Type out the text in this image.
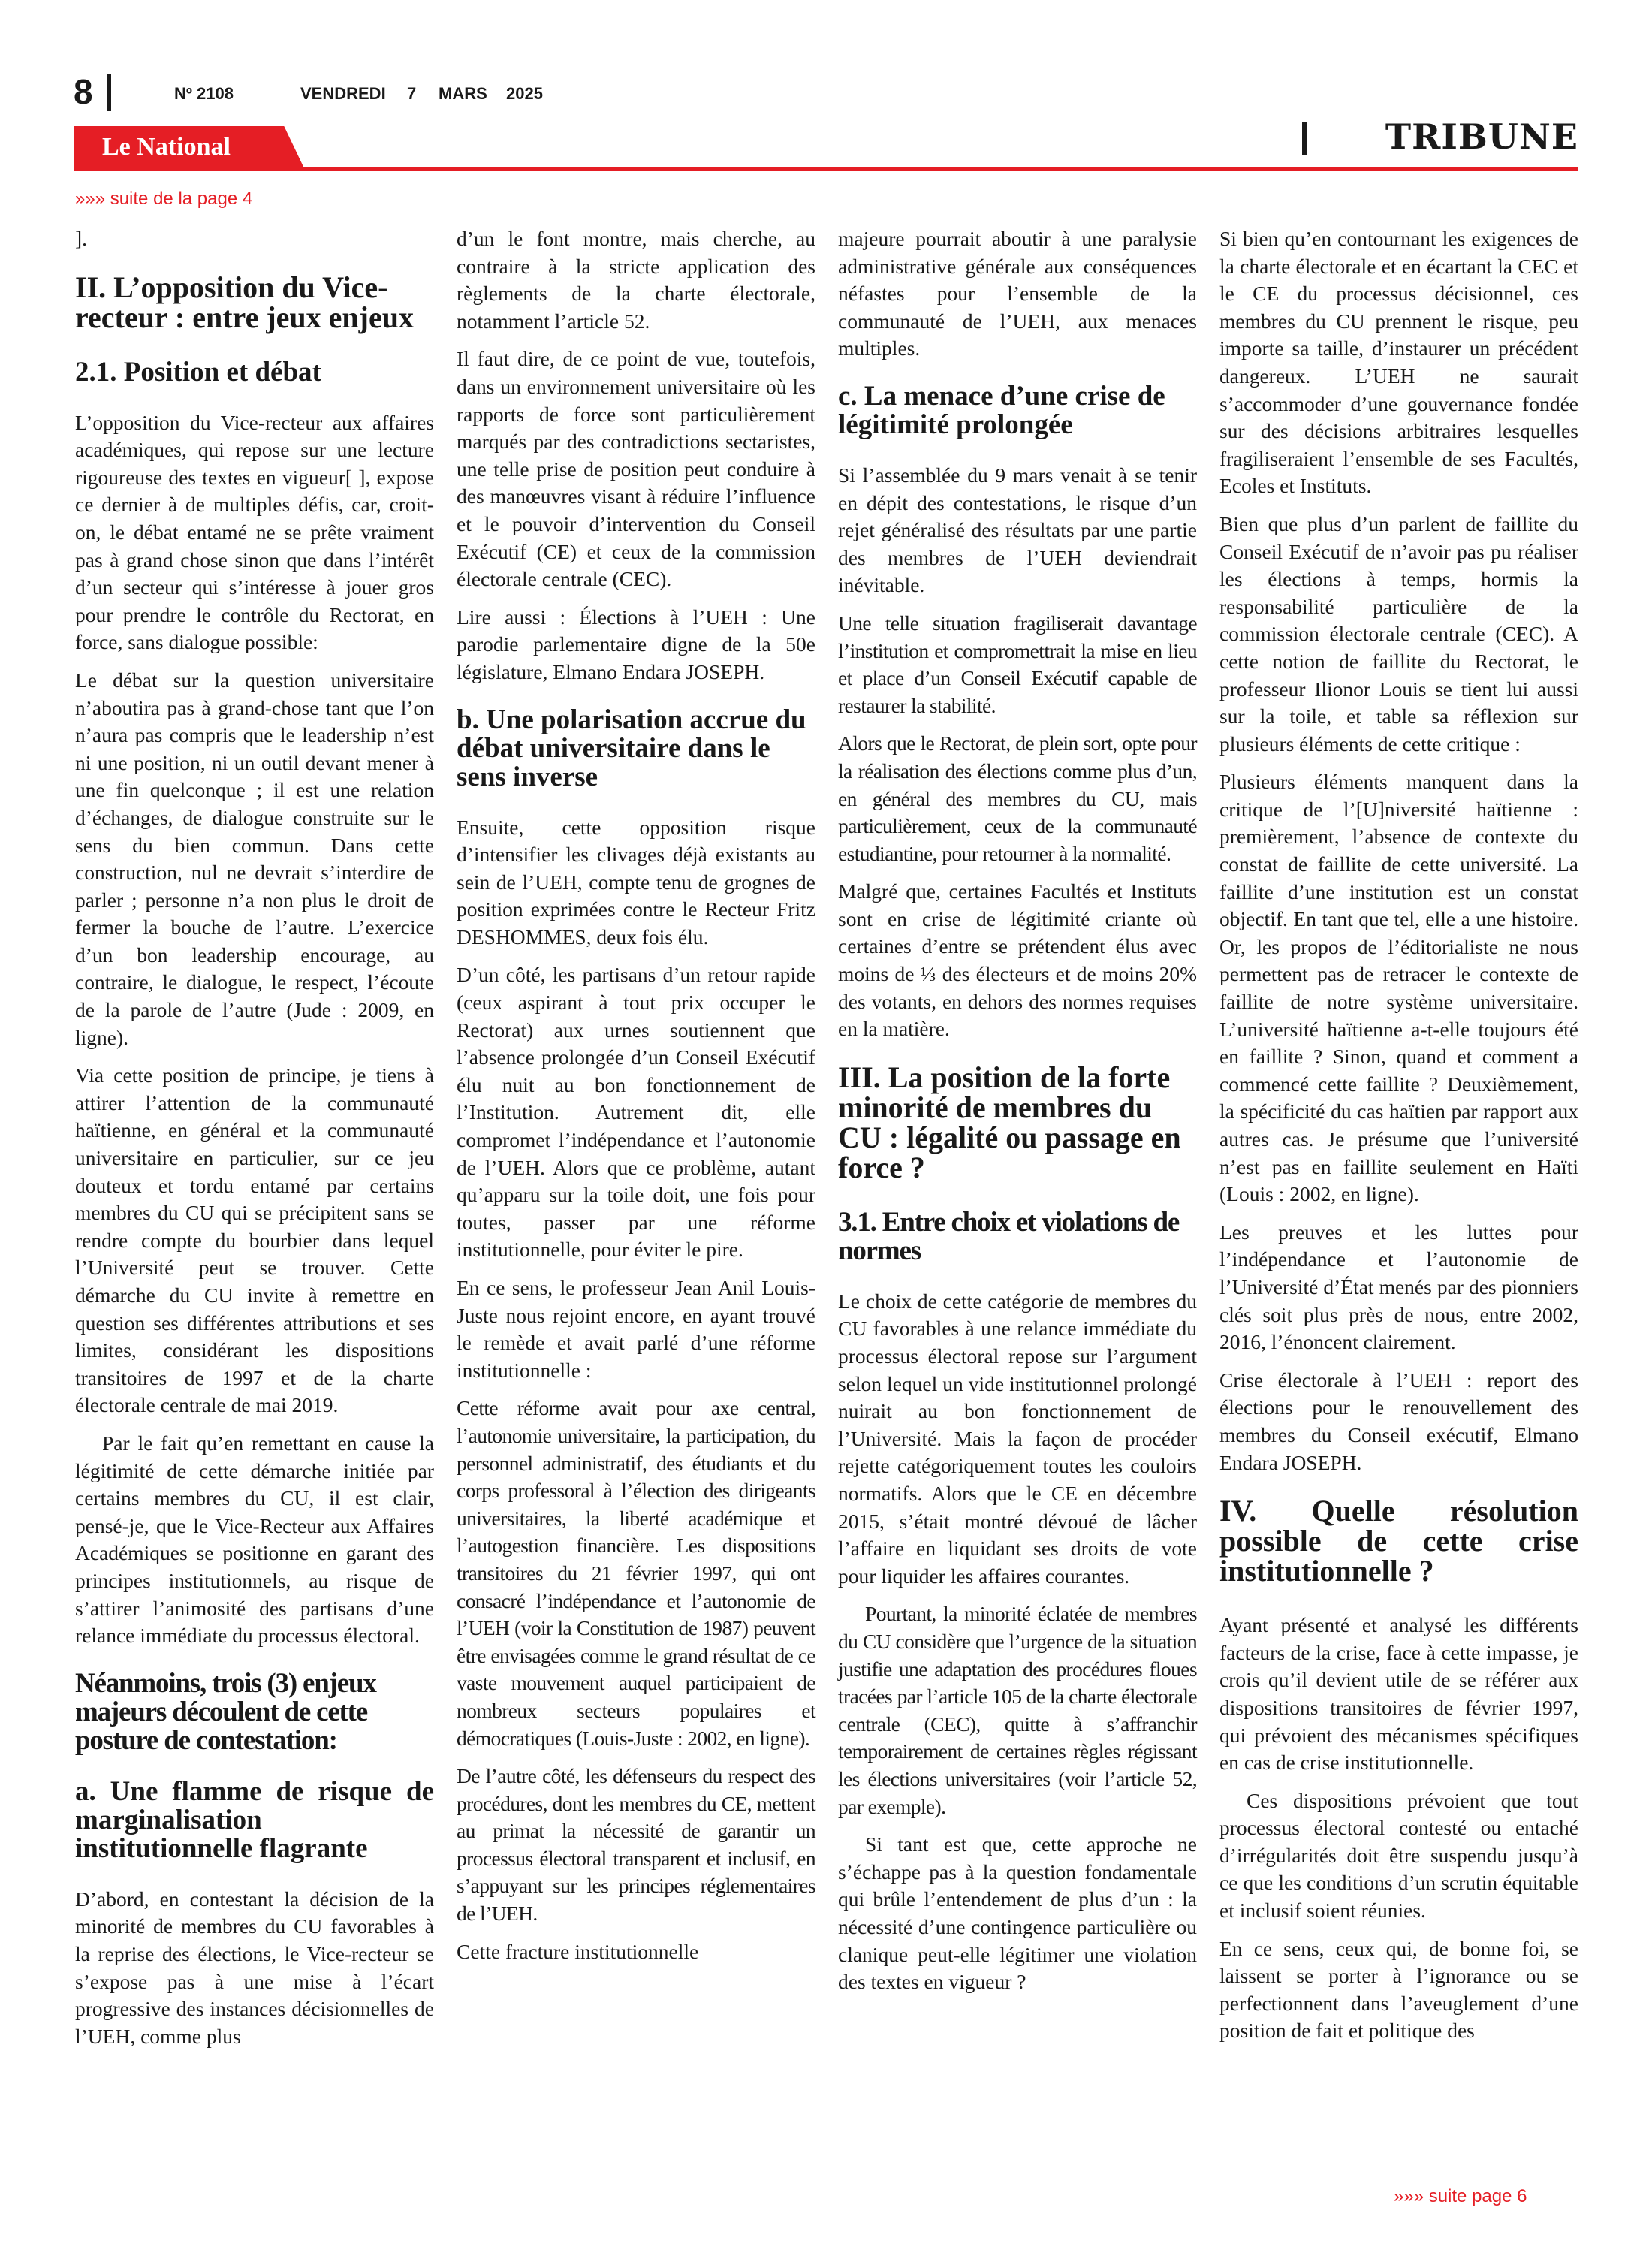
8	Nº 2108	VENDREDI 7 MARS 2025
Le National	TRIBUNE
»»» suite de la page 4

].

II. L’opposition du Vice-recteur : entre jeux enjeux
2.1. Position et débat

L’opposition du Vice-recteur aux affaires académiques, qui repose sur une lecture rigoureuse des textes en vigueur[ ], expose ce dernier à de multiples défis, car, croit-on, le débat entamé ne se prête vraiment pas à grand chose sinon que dans l’intérêt d’un secteur qui s’intéresse à jouer gros pour prendre le contrôle du Rectorat, en force, sans dialogue possible:

Le débat sur la question universitaire n’aboutira pas à grand-chose tant que l’on n’aura pas compris que le leadership n’est ni une position, ni un outil devant mener à une fin quelconque ; il est une relation d’échanges, de dialogue construite sur le sens du bien commun. Dans cette construction, nul ne devrait s’interdire de parler ; personne n’a non plus le droit de fermer la bouche de l’autre. L’exercice d’un bon leadership encourage, au contraire, le dialogue, le respect, l’écoute de la parole de l’autre (Jude : 2009, en ligne).

Via cette position de principe, je tiens à attirer l’attention de la communauté haïtienne, en général et la communauté universitaire en particulier, sur ce jeu douteux et tordu entamé par certains membres du CU qui se précipitent sans se rendre compte du bourbier dans lequel l’Université peut se trouver. Cette démarche du CU invite à remettre en question ses différentes attributions et ses limites, considérant les dispositions transitoires de 1997 et de la charte électorale centrale de mai 2019.

Par le fait qu’en remettant en cause la légitimité de cette démarche initiée par certains membres du CU, il est clair, pensé-je, que le Vice-Recteur aux Affaires Académiques se positionne en garant des principes institutionnels, au risque de s’attirer l’animosité des partisans d’une relance immédiate du processus électoral.

Néanmoins, trois (3) enjeux majeurs découlent de cette posture de contestation:
a. Une flamme de risque de marginalisation institutionnelle flagrante

D’abord, en contestant la décision de la minorité de membres du CU favorables à la reprise des élections, le Vice-recteur se s’expose pas à une mise à l’écart progressive des instances décisionnelles de l’UEH, comme plus

d’un le font montre, mais cherche, au contraire à la stricte application des règlements de la charte électorale, notamment l’article 52.

Il faut dire, de ce point de vue, toutefois, dans un environnement universitaire où les rapports de force sont particulièrement marqués par des contradictions sectaristes, une telle prise de position peut conduire à des manœuvres visant à réduire l’influence et le pouvoir d’intervention du Conseil Exécutif (CE) et ceux de la commission électorale centrale (CEC).

Lire aussi : Élections à l’UEH : Une parodie parlementaire digne de la 50e législature, Elmano Endara JOSEPH.

b. Une polarisation accrue du débat universitaire dans le sens inverse

Ensuite, cette opposition risque d’intensifier les clivages déjà existants au sein de l’UEH, compte tenu de grognes de position exprimées contre le Recteur Fritz DESHOMMES, deux fois élu.

D’un côté, les partisans d’un retour rapide (ceux aspirant à tout prix occuper le Rectorat) aux urnes soutiennent que l’absence prolongée d’un Conseil Exécutif élu nuit au bon fonctionnement de l’Institution. Autrement dit, elle compromet l’indépendance et l’autonomie de l’UEH. Alors que ce problème, autant qu’apparu sur la toile doit, une fois pour toutes, passer par une réforme institutionnelle, pour éviter le pire.

En ce sens, le professeur Jean Anil Louis-Juste nous rejoint encore, en ayant trouvé le remède et avait parlé d’une réforme institutionnelle :

Cette réforme avait pour axe central, l’autonomie universitaire, la participation, du personnel administratif, des étudiants et du corps professoral à l’élection des dirigeants universitaires, la liberté académique et l’autogestion financière. Les dispositions transitoires du 21 février 1997, qui ont consacré l’indépendance et l’autonomie de l’UEH (voir la Constitution de 1987) peuvent être envisagées comme le grand résultat de ce vaste mouvement auquel participaient de nombreux secteurs populaires et démocratiques (Louis-Juste : 2002, en ligne).

De l’autre côté, les défenseurs du respect des procédures, dont les membres du CE, mettent au primat la nécessité de garantir un processus électoral transparent et inclusif, en s’appuyant sur les principes réglementaires de l’UEH.

Cette fracture institutionnelle

majeure pourrait aboutir à une paralysie administrative générale aux conséquences néfastes pour l’ensemble de la communauté de l’UEH, aux menaces multiples.

c. La menace d’une crise de légitimité prolongée

Si l’assemblée du 9 mars venait à se tenir en dépit des contestations, le risque d’un rejet généralisé des résultats par une partie des membres de l’UEH deviendrait inévitable.

Une telle situation fragiliserait davantage l’institution et compromettrait la mise en lieu et place d’un Conseil Exécutif capable de restaurer la stabilité.

Alors que le Rectorat, de plein sort, opte pour la réalisation des élections comme plus d’un, en général des membres du CU, mais particulièrement, ceux de la communauté estudiantine, pour retourner à la normalité.

Malgré que, certaines Facultés et Instituts sont en crise de légitimité criante où certaines d’entre se prétendent élus avec moins de ⅓ des électeurs et de moins 20% des votants, en dehors des normes requises en la matière.

III. La position de la forte minorité de membres du CU : légalité ou passage en force ?
3.1. Entre choix et violations de normes

Le choix de cette catégorie de membres du CU favorables à une relance immédiate du processus électoral repose sur l’argument selon lequel un vide institutionnel prolongé nuirait au bon fonctionnement de l’Université. Mais la façon de procéder rejette catégoriquement toutes les couloirs normatifs. Alors que le CE en décembre 2015, s’était montré dévoué de lâcher l’affaire en liquidant ses droits de vote pour liquider les affaires courantes.

Pourtant, la minorité éclatée de membres du CU considère que l’urgence de la situation justifie une adaptation des procédures floues tracées par l’article 105 de la charte électorale centrale (CEC), quitte à s’affranchir temporairement de certaines règles régissant les élections universitaires (voir l’article 52, par exemple).

Si tant est que, cette approche ne s’échappe pas à la question fondamentale qui brûle l’entendement de plus d’un : la nécessité d’une contingence particulière ou clanique peut-elle légitimer une violation des textes en vigueur ?

Si bien qu’en contournant les exigences de la charte électorale et en écartant la CEC et le CE du processus décisionnel, ces membres du CU prennent le risque, peu importe sa taille, d’instaurer un précédent dangereux. L’UEH ne saurait s’accommoder d’une gouvernance fondée sur des décisions arbitraires lesquelles fragiliseraient l’ensemble de ses Facultés, Ecoles et Instituts.

Bien que plus d’un parlent de faillite du Conseil Exécutif de n’avoir pas pu réaliser les élections à temps, hormis la responsabilité particulière de la commission électorale centrale (CEC). A cette notion de faillite du Rectorat, le professeur Ilionor Louis se tient lui aussi sur la toile, et table sa réflexion sur plusieurs éléments de cette critique :

Plusieurs éléments manquent dans la critique de l’[U]niversité haïtienne : premièrement, l’absence de contexte du constat de faillite de cette université. La faillite d’une institution est un constat objectif. En tant que tel, elle a une histoire. Or, les propos de l’éditorialiste ne nous permettent pas de retracer le contexte de faillite de notre système universitaire. L’université haïtienne a-t-elle toujours été en faillite ? Sinon, quand et comment a commencé cette faillite ? Deuxièmement, la spécificité du cas haïtien par rapport aux autres cas. Je présume que l’université n’est pas en faillite seulement en Haïti (Louis : 2002, en ligne).

Les preuves et les luttes pour l’indépendance et l’autonomie de l’Université d’État menés par des pionniers clés soit plus près de nous, entre 2002, 2016, l’énoncent clairement.

Crise électorale à l’UEH : report des élections pour le renouvellement des membres du Conseil exécutif, Elmano Endara JOSEPH.

IV. Quelle résolution possible de cette crise institutionnelle ?

Ayant présenté et analysé les différents facteurs de la crise, face à cette impasse, je crois qu’il devient utile de se référer aux dispositions transitoires de février 1997, qui prévoient des mécanismes spécifiques en cas de crise institutionnelle.

Ces dispositions prévoient que tout processus électoral contesté ou entaché d’irrégularités doit être suspendu jusqu’à ce que les conditions d’un scrutin équitable et inclusif soient réunies.

En ce sens, ceux qui, de bonne foi, se laissent se porter à l’ignorance ou se perfectionnent dans l’aveuglement d’une position de fait et politique des

»»» suite page 6
